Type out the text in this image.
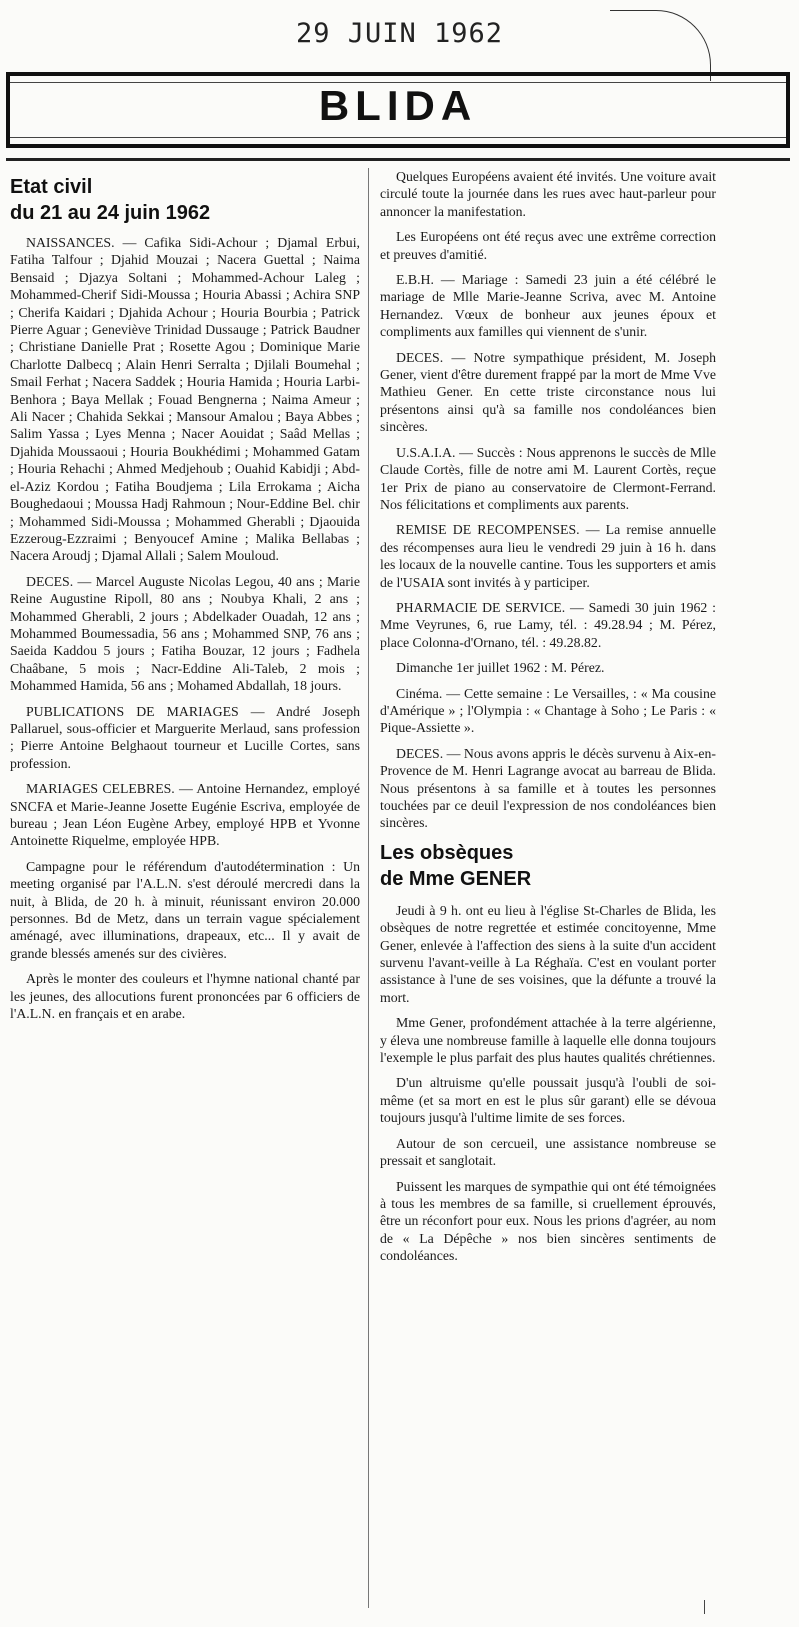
29 JUIN 1962
BLIDA
Etat civil
du 21 au 24 juin 1962

NAISSANCES. — Cafika Sidi-Achour ; Djamal Erbui, Fatiha Talfour ; Djahid Mouzai ; Nacera Guettal ; Naima Bensaid ; Djazya Soltani ; Mohammed-Achour Laleg ; Mohammed-Cherif Sidi-Moussa ; Houria Abassi ; Achira SNP ; Cherifa Kaidari ; Djahida Achour ; Houria Bourbia ; Patrick Pierre Aguar ; Geneviève Trinidad Dussauge ; Patrick Baudner ; Christiane Danielle Prat ; Rosette Agou ; Dominique Marie Charlotte Dalbecq ; Alain Henri Serralta ; Djilali Boumehal ; Smail Ferhat ; Nacera Saddek ; Houria Hamida ; Houria Larbi-Benhora ; Baya Mellak ; Fouad Bengnerna ; Naima Ameur ; Ali Nacer ; Chahida Sekkai ; Mansour Amalou ; Baya Abbes ; Salim Yassa ; Lyes Menna ; Nacer Aouidat ; Saâd Mellas ; Djahida Moussaoui ; Houria Boukhédimi ; Mohammed Gatam ; Houria Rehachi ; Ahmed Medjehoub ; Ouahid Kabidji ; Abd-el-Aziz Kordou ; Fatiha Boudjema ; Lila Errokama ; Aicha Boughedaoui ; Moussa Hadj Rahmoun ; Nour-Eddine Bel. chir ; Mohammed Sidi-Moussa ; Mohammed Gherabli ; Djaouida Ezzeroug-Ezzraimi ; Benyoucef Amine ; Malika Bellabas ; Nacera Aroudj ; Djamal Allali ; Salem Mouloud.

DECES. — Marcel Auguste Nicolas Legou, 40 ans ; Marie Reine Augustine Ripoll, 80 ans ; Noubya Khali, 2 ans ; Mohammed Gherabli, 2 jours ; Abdelkader Ouadah, 12 ans ; Mohammed Boumessadia, 56 ans ; Mohammed SNP, 76 ans ; Saeida Kaddou 5 jours ; Fatiha Bouzar, 12 jours ; Fadhela Chaâbane, 5 mois ; Nacr-Eddine Ali-Taleb, 2 mois ; Mohammed Hamida, 56 ans ; Mohamed Abdallah, 18 jours.

PUBLICATIONS DE MARIAGES — André Joseph Pallaruel, sous-officier et Marguerite Merlaud, sans profession ; Pierre Antoine Belghaout tourneur et Lucille Cortes, sans profession.

MARIAGES CELEBRES. — Antoine Hernandez, employé SNCFA et Marie-Jeanne Josette Eugénie Escriva, employée de bureau ; Jean Léon Eugène Arbey, employé HPB et Yvonne Antoinette Riquelme, employée HPB.

Campagne pour le référendum d'autodétermination : Un meeting organisé par l'A.L.N. s'est déroulé mercredi dans la nuit, à Blida, de 20 h. à minuit, réunissant environ 20.000 personnes. Bd de Metz, dans un terrain vague spécialement aménagé, avec illuminations, drapeaux, etc... Il y avait de grande blessés amenés sur des civières.

Après le monter des couleurs et l'hymne national chanté par les jeunes, des allocutions furent prononcées par 6 officiers de l'A.L.N. en français et en arabe.

Quelques Européens avaient été invités. Une voiture avait circulé toute la journée dans les rues avec haut-parleur pour annoncer la manifestation.

Les Européens ont été reçus avec une extrême correction et preuves d'amitié.

E.B.H. — Mariage : Samedi 23 juin a été célébré le mariage de Mlle Marie-Jeanne Scriva, avec M. Antoine Hernandez. Vœux de bonheur aux jeunes époux et compliments aux familles qui viennent de s'unir.

DECES. — Notre sympathique président, M. Joseph Gener, vient d'être durement frappé par la mort de Mme Vve Mathieu Gener. En cette triste circonstance nous lui présentons ainsi qu'à sa famille nos condoléances bien sincères.

U.S.A.I.A. — Succès : Nous apprenons le succès de Mlle Claude Cortès, fille de notre ami M. Laurent Cortès, reçue 1er Prix de piano au conservatoire de Clermont-Ferrand. Nos félicitations et compliments aux parents.

REMISE DE RECOMPENSES. — La remise annuelle des récompenses aura lieu le vendredi 29 juin à 16 h. dans les locaux de la nouvelle cantine. Tous les supporters et amis de l'USAIA sont invités à y participer.

PHARMACIE DE SERVICE. — Samedi 30 juin 1962 : Mme Veyrunes, 6, rue Lamy, tél. : 49.28.94 ; M. Pérez, place Colonna-d'Ornano, tél. : 49.28.82.

Dimanche 1er juillet 1962 : M. Pérez.

Cinéma. — Cette semaine : Le Versailles, : « Ma cousine d'Amérique » ; l'Olympia : « Chantage à Soho ; Le Paris : « Pique-Assiette ».

DECES. — Nous avons appris le décès survenu à Aix-en-Provence de M. Henri Lagrange avocat au barreau de Blida. Nous présentons à sa famille et à toutes les personnes touchées par ce deuil l'expression de nos condoléances bien sincères.

Les obsèques
de Mme GENER

Jeudi à 9 h. ont eu lieu à l'église St-Charles de Blida, les obsèques de notre regrettée et estimée concitoyenne, Mme Gener, enlevée à l'affection des siens à la suite d'un accident survenu l'avant-veille à La Réghaïa. C'est en voulant porter assistance à l'une de ses voisines, que la défunte a trouvé la mort.

Mme Gener, profondément attachée à la terre algérienne, y éleva une nombreuse famille à laquelle elle donna toujours l'exemple le plus parfait des plus hautes qualités chrétiennes.

D'un altruisme qu'elle poussait jusqu'à l'oubli de soi-même (et sa mort en est le plus sûr garant) elle se dévoua toujours jusqu'à l'ultime limite de ses forces.

Autour de son cercueil, une assistance nombreuse se pressait et sanglotait.

Puissent les marques de sympathie qui ont été témoignées à tous les membres de sa famille, si cruellement éprouvés, être un réconfort pour eux. Nous les prions d'agréer, au nom de « La Dépêche » nos bien sincères sentiments de condoléances.
